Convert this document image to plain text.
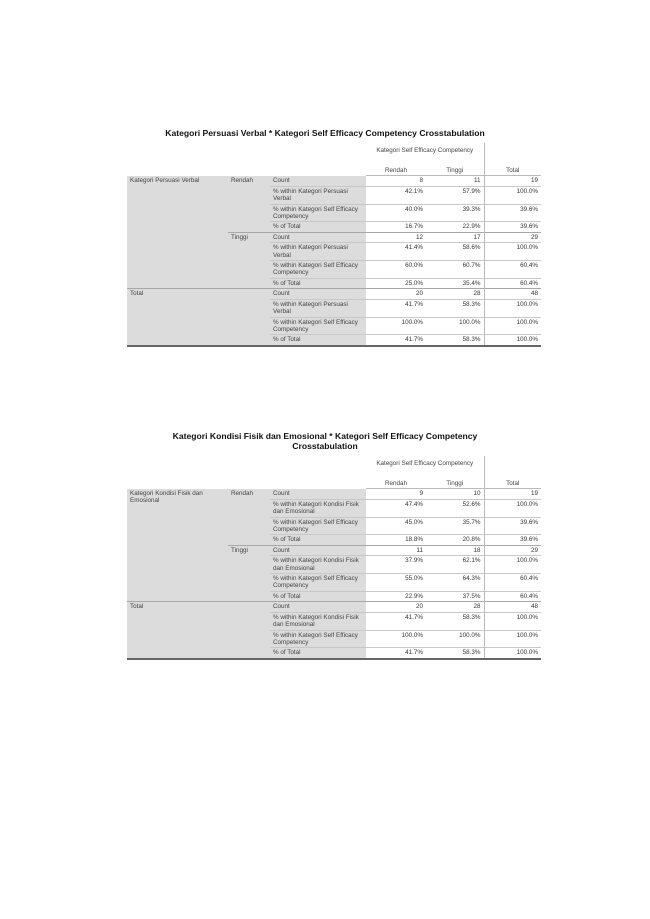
Kategori Persuasi Verbal * Kategori Self Efficacy Competency Crosstabulation
			Kategori Self Efficacy Competency		
			Rendah	Tinggi	Total
Kategori Persuasi Verbal	Rendah	Count	8	11	19
		% within Kategori Persuasi Verbal	42.1%	57.9%	100.0%
		% within Kategori Self Efficacy Competency	40.0%	39.3%	39.6%
		% of Total	16.7%	22.9%	39.6%
	Tinggi	Count	12	17	29
		% within Kategori Persuasi Verbal	41.4%	58.6%	100.0%
		% within Kategori Self Efficacy Competency	60.0%	60.7%	60.4%
		% of Total	25.0%	35.4%	60.4%
Total		Count	20	28	48
		% within Kategori Persuasi Verbal	41.7%	58.3%	100.0%
		% within Kategori Self Efficacy Competency	100.0%	100.0%	100.0%
		% of Total	41.7%	58.3%	100.0%
Kategori Kondisi Fisik dan Emosional * Kategori Self Efficacy Competency
Crosstabulation
			Kategori Self Efficacy Competency		
			Rendah	Tinggi	Total
Kategori Kondisi Fisik dan Emosional	Rendah	Count	9	10	19
		% within Kategori Kondisi Fisik dan Emosional	47.4%	52.6%	100.0%
		% within Kategori Self Efficacy Competency	45.0%	35.7%	39.6%
		% of Total	18.8%	20.8%	39.6%
	Tinggi	Count	11	18	29
		% within Kategori Kondisi Fisik dan Emosional	37.9%	62.1%	100.0%
		% within Kategori Self Efficacy Competency	55.0%	64.3%	60.4%
		% of Total	22.9%	37.5%	60.4%
Total		Count	20	28	48
		% within Kategori Kondisi Fisik dan Emosional	41.7%	58.3%	100.0%
		% within Kategori Self Efficacy Competency	100.0%	100.0%	100.0%
		% of Total	41.7%	58.3%	100.0%
